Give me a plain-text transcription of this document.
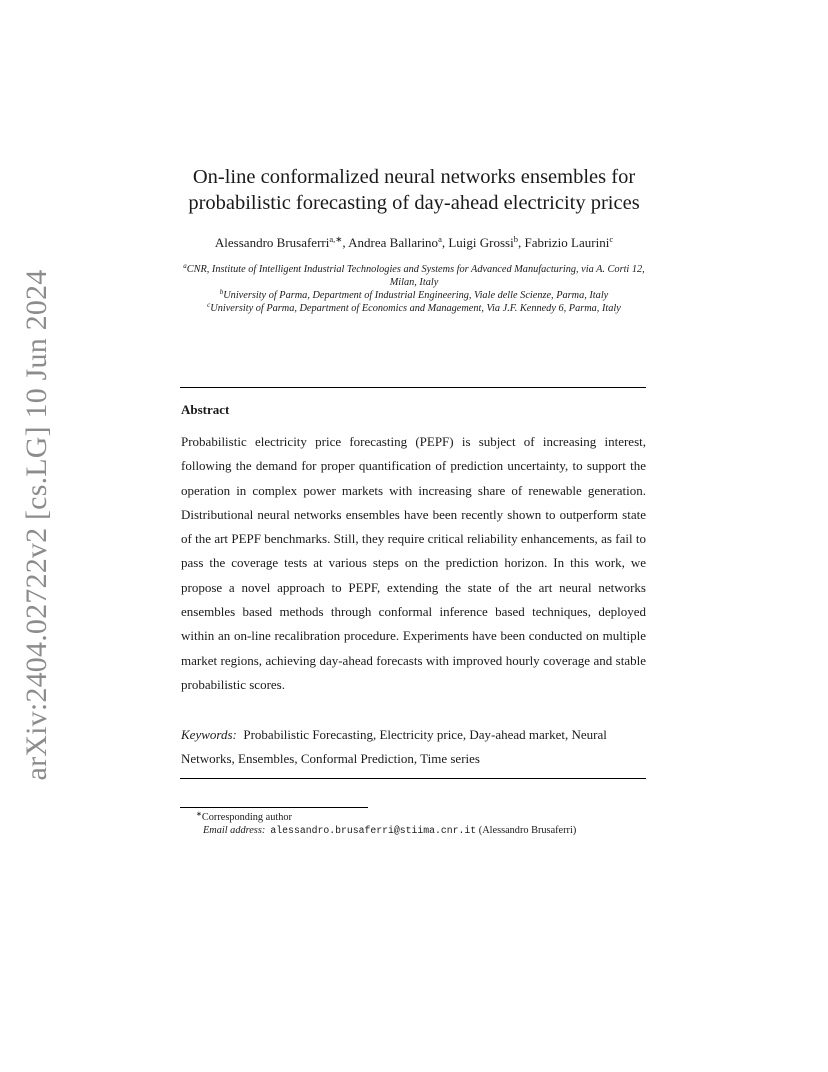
arXiv:2404.02722v2 [cs.LG] 10 Jun 2024
On-line conformalized neural networks ensembles for
probabilistic forecasting of day-ahead electricity prices
Alessandro Brusaferri$^{a,∗}$, Andrea Ballarino$^a$, Luigi Grossi$^b$, Fabrizio Laurini$^c$

$^a$CNR, Institute of Intelligent Industrial Technologies and Systems for Advanced Manufacturing, via A. Corti 12, Milan, Italy

$^b$University of Parma, Department of Industrial Engineering, Viale delle Scienze, Parma, Italy

$^c$University of Parma, Department of Economics and Management, Via J.F. Kennedy 6, Parma, Italy

Abstract

Probabilistic electricity price forecasting (PEPF) is subject of increasing interest, following the demand for proper quantification of prediction uncertainty, to support the operation in complex power markets with increasing share of renewable generation. Distributional neural networks ensembles have been recently shown to outperform state of the art PEPF benchmarks. Still, they require critical reliability enhancements, as fail to pass the coverage tests at various steps on the prediction horizon. In this work, we propose a novel approach to PEPF, extending the state of the art neural networks ensembles based methods through conformal inference based techniques, deployed within an on-line recalibration procedure. Experiments have been conducted on multiple market regions, achieving day-ahead forecasts with improved hourly coverage and stable probabilistic scores.

Keywords: Probabilistic Forecasting, Electricity price, Day-ahead market, Neural Networks, Ensembles, Conformal Prediction, Time series

∗Corresponding author
Email address: alessandro.brusaferri@stiima.cnr.it (Alessandro Brusaferri)
